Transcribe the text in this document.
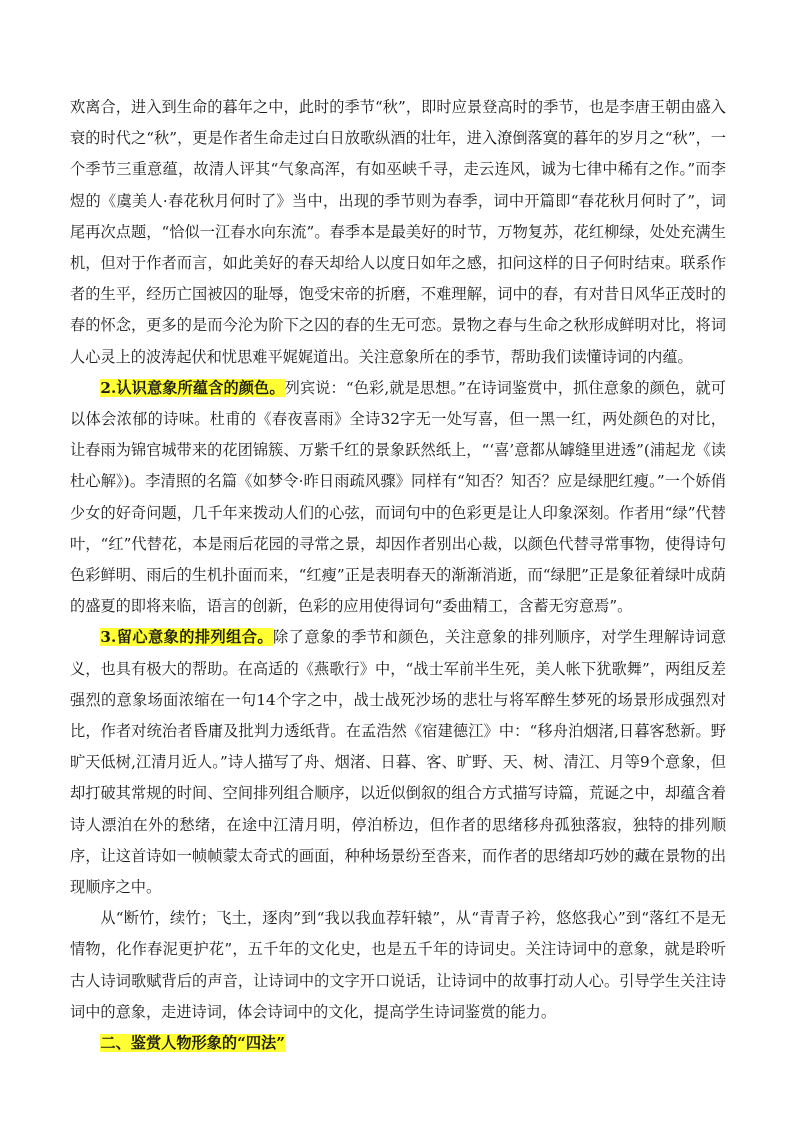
欢离合，进入到生命的暮年之中，此时的季节“秋”，即时应景登高时的季节，也是李唐王朝由盛入衰的时代之“秋”，更是作者生命走过白日放歌纵酒的壮年，进入潦倒落寞的暮年的岁月之“秋”，一个季节三重意蕴，故清人评其“气象高浑，有如巫峡千寻，走云连风，诚为七律中稀有之作。”而李煜的《虞美人·春花秋月何时了》当中，出现的季节则为春季，词中开篇即“春花秋月何时了”，词尾再次点题，“恰似一江春水向东流”。春季本是最美好的时节，万物复苏，花红柳绿，处处充满生机，但对于作者而言，如此美好的春天却给人以度日如年之感，扣问这样的日子何时结束。联系作者的生平，经历亡国被囚的耻辱，饱受宋帝的折磨，不难理解，词中的春，有对昔日风华正茂时的春的怀念，更多的是而今沦为阶下之囚的春的生无可恋。景物之春与生命之秋形成鲜明对比，将词人心灵上的波涛起伏和忧思难平娓娓道出。关注意象所在的季节，帮助我们读懂诗词的内蕴。

2.认识意象所蕴含的颜色。列宾说：“色彩,就是思想。”在诗词鉴赏中，抓住意象的颜色，就可以体会浓郁的诗味。杜甫的《春夜喜雨》全诗32字无一处写喜，但一黑一红，两处颜色的对比，让春雨为锦官城带来的花团锦簇、万紫千红的景象跃然纸上，“‘喜’意都从罅缝里进透”(浦起龙《读杜心解》)。李清照的名篇《如梦令·昨日雨疏风骤》同样有“知否？知否？应是绿肥红瘦。”一个娇俏少女的好奇问题，几千年来拨动人们的心弦，而词句中的色彩更是让人印象深刻。作者用“绿”代替叶，“红”代替花，本是雨后花园的寻常之景，却因作者别出心裁，以颜色代替寻常事物，使得诗句色彩鲜明、雨后的生机扑面而来，“红瘦”正是表明春天的渐渐消逝，而“绿肥”正是象征着绿叶成荫的盛夏的即将来临，语言的创新，色彩的应用使得词句“委曲精工，含蓄无穷意焉”。

3.留心意象的排列组合。除了意象的季节和颜色，关注意象的排列顺序，对学生理解诗词意义，也具有极大的帮助。在高适的《燕歌行》中，“战士军前半生死，美人帐下犹歌舞”，两组反差强烈的意象场面浓缩在一句14个字之中，战士战死沙场的悲壮与将军醉生梦死的场景形成强烈对比，作者对统治者昏庸及批判力透纸背。在孟浩然《宿建德江》中：“移舟泊烟渚,日暮客愁新。野旷天低树,江清月近人。”诗人描写了舟、烟渚、日暮、客、旷野、天、树、清江、月等9个意象，但却打破其常规的时间、空间排列组合顺序，以近似倒叙的组合方式描写诗篇，荒诞之中，却蕴含着诗人漂泊在外的愁绪，在途中江清月明，停泊桥边，但作者的思绪移舟孤独落寂，独特的排列顺序，让这首诗如一帧帧蒙太奇式的画面，种种场景纷至沓来，而作者的思绪却巧妙的藏在景物的出现顺序之中。

从“断竹，续竹；飞土，逐肉”到“我以我血荐轩辕”，从“青青子衿，悠悠我心”到“落红不是无情物，化作春泥更护花”，五千年的文化史，也是五千年的诗词史。关注诗词中的意象，就是聆听古人诗词歌赋背后的声音，让诗词中的文字开口说话，让诗词中的故事打动人心。引导学生关注诗词中的意象，走进诗词，体会诗词中的文化，提高学生诗词鉴赏的能力。

二、鉴赏人物形象的“四法”
